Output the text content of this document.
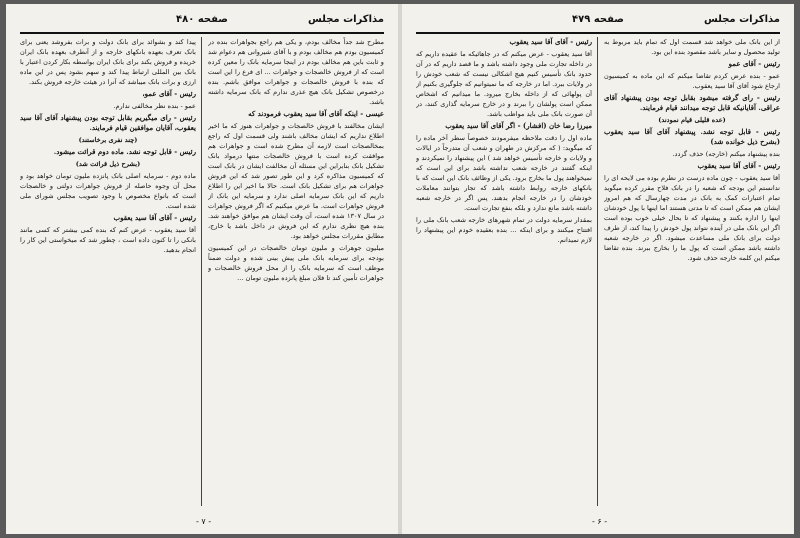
مذاکرات مجلس
صفحه ۴۸۰

مطرح شد جداً مخالف بودم، و یکی هم راجع بجواهرات بنده در کمیسیون بودم هم مخالف بودم و با آقای شیروانی هم دعوام شد و ثابت باین هم مخالف بودم در اینجا سرمایه بانک را معین کرده است که از فروش خالصجات و جواهرات ... ای فرع را این است که بنده با فروش خالصجات و جواهرات موافق باشم. بنده درخصوص تشکیل بانک هیچ عذری ندارم که بانک سرمایه داشته باشد.

عیسی - اینکه آقای آقا سید یعقوب فرمودند که

ایشان مخالفند با فروش خالصجات و جواهرات هنوز که ما اخیر اطلاع نداریم که ایشان مخالف باشند ولی قسمت اول که راجع بمخالصجات است لازمه آن مطرح شده است و جواهرات هم موافقت کرده است با فروش خالصجات منتها درمواد بانک تشکیل بانک بنابراین این مسئله آن مخالفت ایشان در بانک است که کمیسیون مذاکره کرد و این طور تصور شد که این فروش جواهرات هم برای تشکیل بانک است. حالا ما اخیر این را اطلاع داریم که این بانک سرمایه اصلی ندارد و سرمایه این بانک از فروش جواهرات است. ما عرض میکنیم که اگر فروش جواهرات در سال ۱۳۰۷ شده است، آن وقت ایشان هم موافق خواهند شد. بنده هیچ نظری ندارم که این فروش در داخل باشد یا خارج، مطابق مقررات مجلس خواهد بود.

میلیون جوهرات و ملیون تومان خالصجات در این کمیسیون بودجه برای سرمایه بانک ملی پیش بینی شده و دولت ضمناً موظف است که سرمایه بانک را از محل فروش خالصجات و جواهرات تأمین کند تا فلان مبلغ پانزده ملیون تومان ...

پیدا کند و بشوائد برای بانک دولت و برات بفروشد یعنی برای بانک تعرف بعهده بانکهای خارجه و از آنطرف بعهده بانک ایران خریده و فروش بکند برای بانک ایران بواسطه بکار کردن اعتبار با بانک بین المللی ارتباط پیدا کند و سهم بشود پس در این ماده ارزی و برات بانک میباشد که آنرا در هیئت خارجه فروش بکند.

رئیس - آقای عمو،

عمو - بنده نظر مخالفی ندارم.

رئیس - رای میگیریم بقابل توجه بودن پیشنهاد آقای آقا سید یعقوب، آقایان موافقین قیام فرمایند.

(چند نفری برخاستند)

رئیس - قابل توجه نشد. ماده دوم قرائت میشود.

(بشرح ذیل قرائت شد)

ماده دوم - سرمایه اصلی بانک پانزده ملیون تومان خواهد بود و محل آن وجوه حاصله از فروش جواهرات دولتی و خالصجات است که بانواع مخصوص با وجود تصویب مجلس شورای ملی شده است.

رئیس - آقای آقا سید یعقوب

آقا سید یعقوب - عرض کنم که بنده کمی بیشتر که کسی مانند بانکی را تا کنون داده است ، چطور شد که میخواستی این کار را انجام بدهید.

- ۷ -
مذاکرات مجلس
صفحه ۴۷۹

از این بانک ملی خواهد شد قسمت اول که تمام باید مربوط به تولید محصول و سایر باشد مقصود بنده این بود.

رئیس - آقای عمو

عمو - بنده عرض کردم تقاضا میکنم که این ماده به کمیسیون ارجاع شود آقای آقا سید یعقوب.

رئیس - رای گرفته میشود بقابل توجه بودن پیشنهاد آقای عراقی. آقایانیکه قابل توجه میدانند قیام فرمایند.

(عده قلیلی قیام نمودند)

رئیس - قابل توجه نشد. پیشنهاد آقای آقا سید یعقوب (بشرح ذیل خوانده شد)

بنده پیشنهاد میکنم (خارجه) حذف گردد.

رئیس - آقای آقا سید یعقوب

آقا سید یعقوب - چون ماده درست در نظرم بوده می لایحه ای را ندانستم این بودجه که شعبه را در بانک فلاح مقرر کرده میگوید تمام اعتبارات کمک به بانک در مدت چهارسال که هم امروز ایشان هم ممکن است که تا مدتی هستند اما اینها با پول خودشان اینها را اداره بکنند و پیشنهاد که تا بحال خیلی خوب بوده است اگر این بانک ملی در آینده نتواند پول خودش را پیدا کند، از طرف دولت برای بانک ملی مساعدت میشود. اگر در خارجه شعبه داشته باشد ممکن است که پول ما را بخارج ببرند. بنده تقاضا میکنم این کلمه خارجه حذف شود.

رئیس - آقای آقا سید یعقوب

آقا سید یعقوب - عرض میکنم که در جاهائیکه ما عقیده داریم که در داخله تجارت ملی وجود داشته باشد و ما قصد داریم که در آن حدود بانک تأسیس کنیم هیچ اشکالی نیست که شعب خودش را در ولایات ببرد. اما در خارجه که ما نمیتوانیم که جلوگیری بکنیم از آن پولهائی که از داخله بخارج میرود. ما میدانیم که اشخاص ممکن است پولشان را ببرند و در خارج سرمایه گذاری کنند، در آن صورت بانک ملی باید مواظب باشد.

میرزا رضا خان (افشار) - اگر آقای آقا سید یعقوب

ماده اول را دقت ملاحظه میفرمودند خصوصاً سطر آخر ماده را که میگوید: ( که مرکزش در طهران و شعب آن متدرجاً در ایالات و ولایات و خارجه تأسیس خواهد شد ) این پیشنهاد را نمیکردند و اینکه گفتند در خارجه شعب نداشته باشد برای این است که نمیخواهند پول ما بخارج برود. یکی از وظائف بانک این است که با بانکهای خارجه روابط داشته باشد که تجار بتوانند معاملات خودشان را در خارجه انجام بدهند. پس اگر در خارجه شعبه داشته باشد مانع ندارد و بلکه بنفع تجارت است.

بمقدار سرمایه دولت در تمام شهرهای خارجه شعب بانک ملی را افتتاح میکنند و برای اینکه ... بنده بعقیده خودم این پیشنهاد را لازم نمیدانم.

- ۶ -
